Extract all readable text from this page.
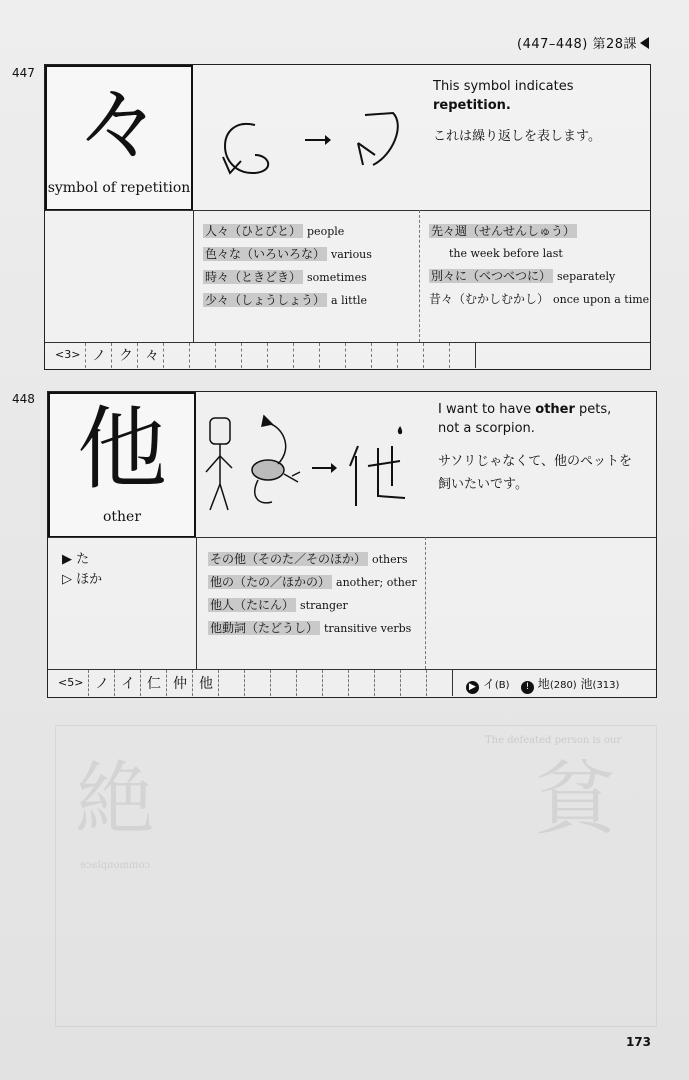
絶	貧
The defeated person is our
commonplace
(447–448) 第28課
447 々
symbol of repetition
This symbol indicates
repetition.
これは繰り返しを表します。
人々（ひとびと） people
色々な（いろいろな） various
時々（ときどき） sometimes
少々（しょうしょう） a little
先々週（せんせんしゅう）
the week before last
別々に（べつべつに） separately
昔々（むかしむかし） once upon a time
<3> ノ ク 々
448 他
other
I want to have other pets,
not a scorpion.
サソリじゃなくて、他のペットを
飼いたいです。
▶ た
▷ ほか
その他（そのた／そのほか） others
他の（たの／ほかの） another; other
他人（たにん） stranger
他動詞（たどうし） transitive verbs
<5> ノ イ 仁 仲 他	▶ イ(B) ! 地(280) 池(313)
173
